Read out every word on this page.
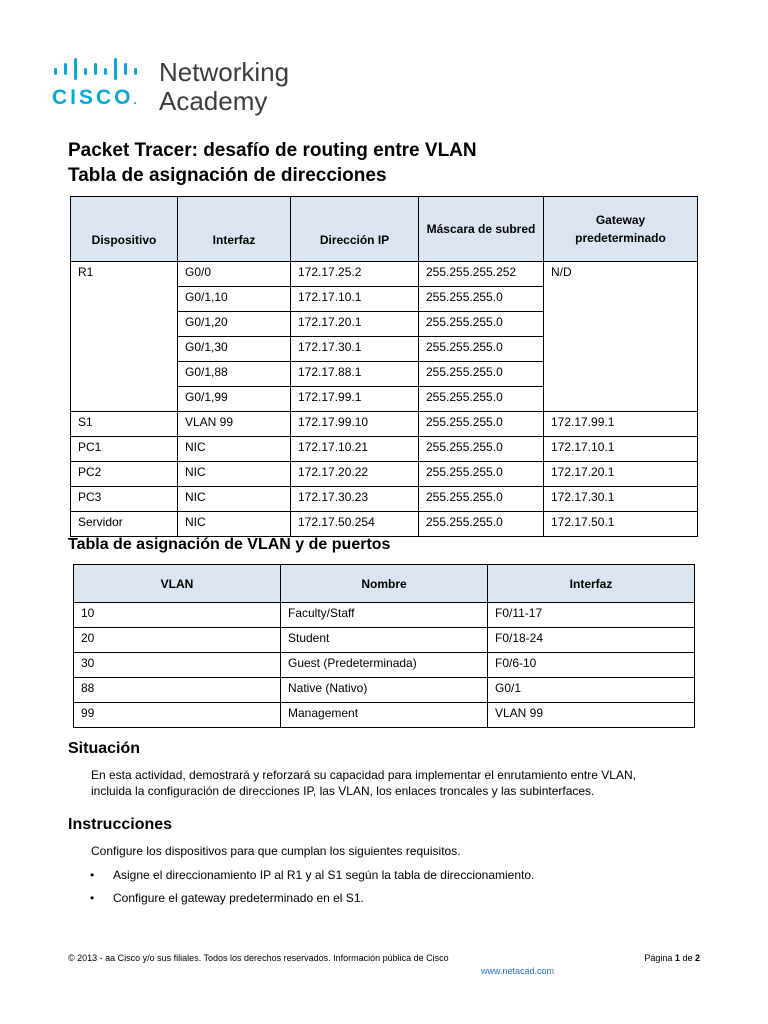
CISCO.
Networking
Academy
Packet Tracer: desafío de routing entre VLAN
Tabla de asignación de direcciones
Dispositivo	Interfaz	Dirección IP	Máscara de subred	Gateway predeterminado
R1	G0/0	172.17.25.2	255.255.255.252	N/D
	G0/1,10	172.17.10.1	255.255.255.0	
	G0/1,20	172.17.20.1	255.255.255.0	
	G0/1,30	172.17.30.1	255.255.255.0	
	G0/1,88	172.17.88.1	255.255.255.0	
	G0/1,99	172.17.99.1	255.255.255.0	
S1	VLAN 99	172.17.99.10	255.255.255.0	172.17.99.1
PC1	NIC	172.17.10.21	255.255.255.0	172.17.10.1
PC2	NIC	172.17.20.22	255.255.255.0	172.17.20.1
PC3	NIC	172.17.30.23	255.255.255.0	172.17.30.1
Servidor	NIC	172.17.50.254	255.255.255.0	172.17.50.1
Tabla de asignación de VLAN y de puertos
VLAN	Nombre	Interfaz
10	Faculty/Staff	F0/11-17
20	Student	F0/18-24
30	Guest (Predeterminada)	F0/6-10
88	Native (Nativo)	G0/1
99	Management	VLAN 99
Situación

En esta actividad, demostrará y reforzará su capacidad para implementar el enrutamiento entre VLAN,
incluida la configuración de direcciones IP, las VLAN, los enlaces troncales y las subinterfaces.

Instrucciones

Configure los dispositivos para que cumplan los siguientes requisitos.

• Asigne el direccionamiento IP al R1 y al S1 según la tabla de direccionamiento.
• Configure el gateway predeterminado en el S1.
© 2013 - aa Cisco y/o sus filiales. Todos los derechos reservados. Información pública de Cisco	Página 1 de 2
www.netacad.com
